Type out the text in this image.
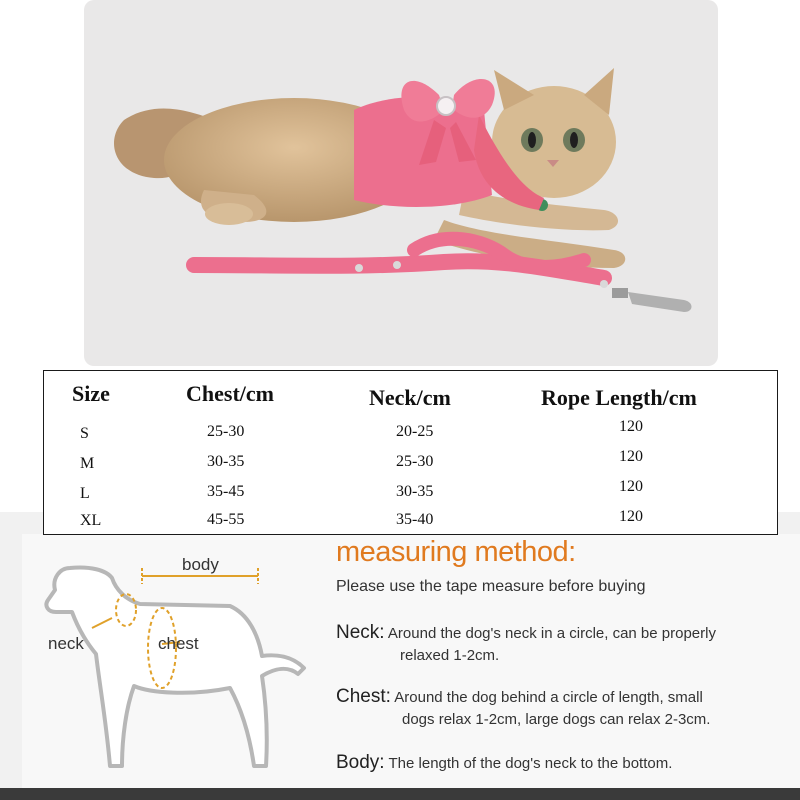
Size	Chest/cm	Neck/cm	Rope Length/cm
S	25-30	20-25	120
M	30-35	25-30	120
L	35-45	30-35	120
XL	45-55	35-40	120
body
neck	chest
measuring method:
Please use the tape measure before buying
Neck: Around the dog's neck in a circle, can be properly
relaxed 1-2cm.
Chest: Around the dog behind a circle of length, small
dogs relax 1-2cm, large dogs can relax 2-3cm.
Body: The length of the dog's neck to the bottom.
